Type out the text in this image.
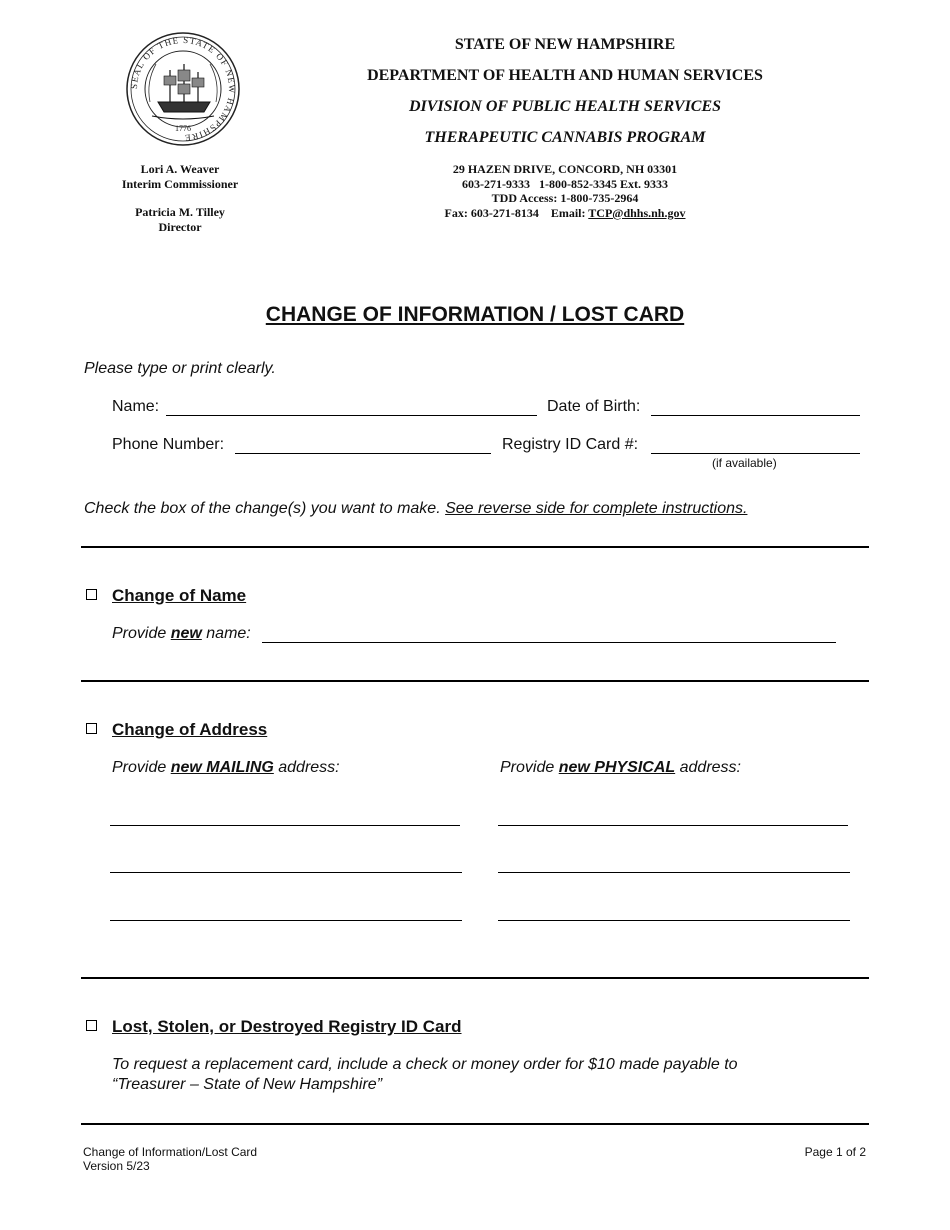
SEAL OF THE STATE OF NEW HAMPSHIRE
1776
Lori A. Weaver
Interim Commissioner
Patricia M. Tilley
Director
STATE OF NEW HAMPSHIRE
DEPARTMENT OF HEALTH AND HUMAN SERVICES
DIVISION OF PUBLIC HEALTH SERVICES
THERAPEUTIC CANNABIS PROGRAM
29 HAZEN DRIVE, CONCORD, NH 03301
603-271-9333   1-800-852-3345 Ext. 9333
TDD Access: 1-800-735-2964
Fax: 603-271-8134    Email: TCP@dhhs.nh.gov
CHANGE OF INFORMATION / LOST CARD
Please type or print clearly.
Name:	Date of Birth:
Phone Number:	Registry ID Card #:
(if available)
Check the box of the change(s) you want to make. See reverse side for complete instructions.
Change of Name
Provide new name:
Change of Address
Provide new MAILING address:	Provide new PHYSICAL address:
Lost, Stolen, or Destroyed Registry ID Card
To request a replacement card, include a check or money order for $10 made payable to
“Treasurer – State of New Hampshire”
Change of Information/Lost Card
Version 5/23
Page 1 of 2
